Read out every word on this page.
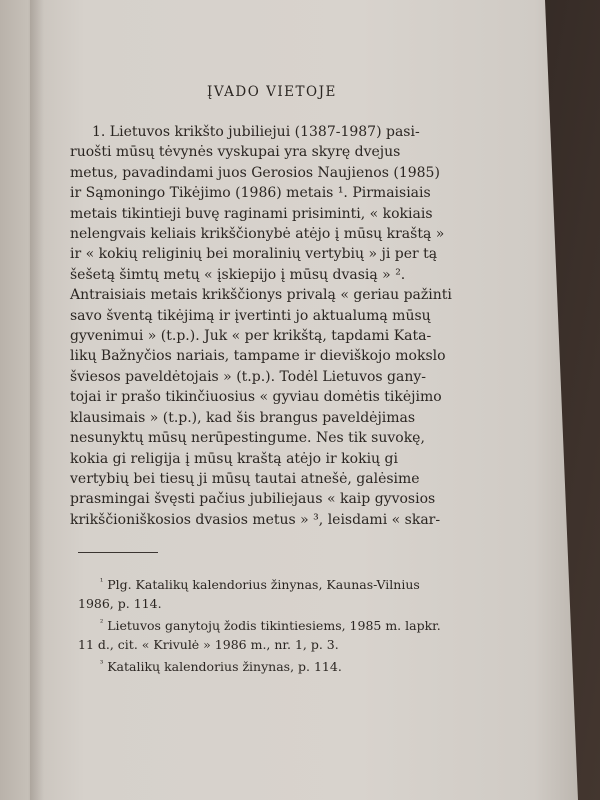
ĮVADO VIETOJE
1. Lietuvos krikšto jubiliejui (1387-1987) pasi-
ruošti mūsų tėvynės vyskupai yra skyrę dvejus
metus, pavadindami juos Gerosios Naujienos (1985)
ir Sąmoningo Tikėjimo (1986) metais ¹. Pirmaisiais
metais tikintieji buvę raginami prisiminti, « kokiais
nelengvais keliais krikščionybė atėjo į mūsų kraštą »
ir « kokių religinių bei moralinių vertybių » ji per tą
šešetą šimtų metų « įskiepijo į mūsų dvasią » ².
Antraisiais metais krikščionys privalą « geriau pažinti
savo šventą tikėjimą ir įvertinti jo aktualumą mūsų
gyvenimui » (t.p.). Juk « per krikštą, tapdami Kata-
likų Bažnyčios nariais, tampame ir dieviškojo mokslo
šviesos paveldėtojais » (t.p.). Todėl Lietuvos gany-
tojai ir prašo tikinčiuosius « gyviau domėtis tikėjimo
klausimais » (t.p.), kad šis brangus paveldėjimas
nesunyktų mūsų nerūpestingume. Nes tik suvokę,
kokia gi religija į mūsų kraštą atėjo ir kokių gi
vertybių bei tiesų ji mūsų tautai atnešė, galėsime
prasmingai švęsti pačius jubiliejaus « kaip gyvosios
krikščioniškosios dvasios metus » ³, leisdami « skar-
$^{^1}$ Plg. Katalikų kalendorius žinynas, Kaunas-Vilnius
1986, p. 114.
$^{^2}$ Lietuvos ganytojų žodis tikintiesiems, 1985 m. lapkr.
11 d., cit. « Krivulė » 1986 m., nr. 1, p. 3.
$^{^3}$ Katalikų kalendorius žinynas, p. 114.
